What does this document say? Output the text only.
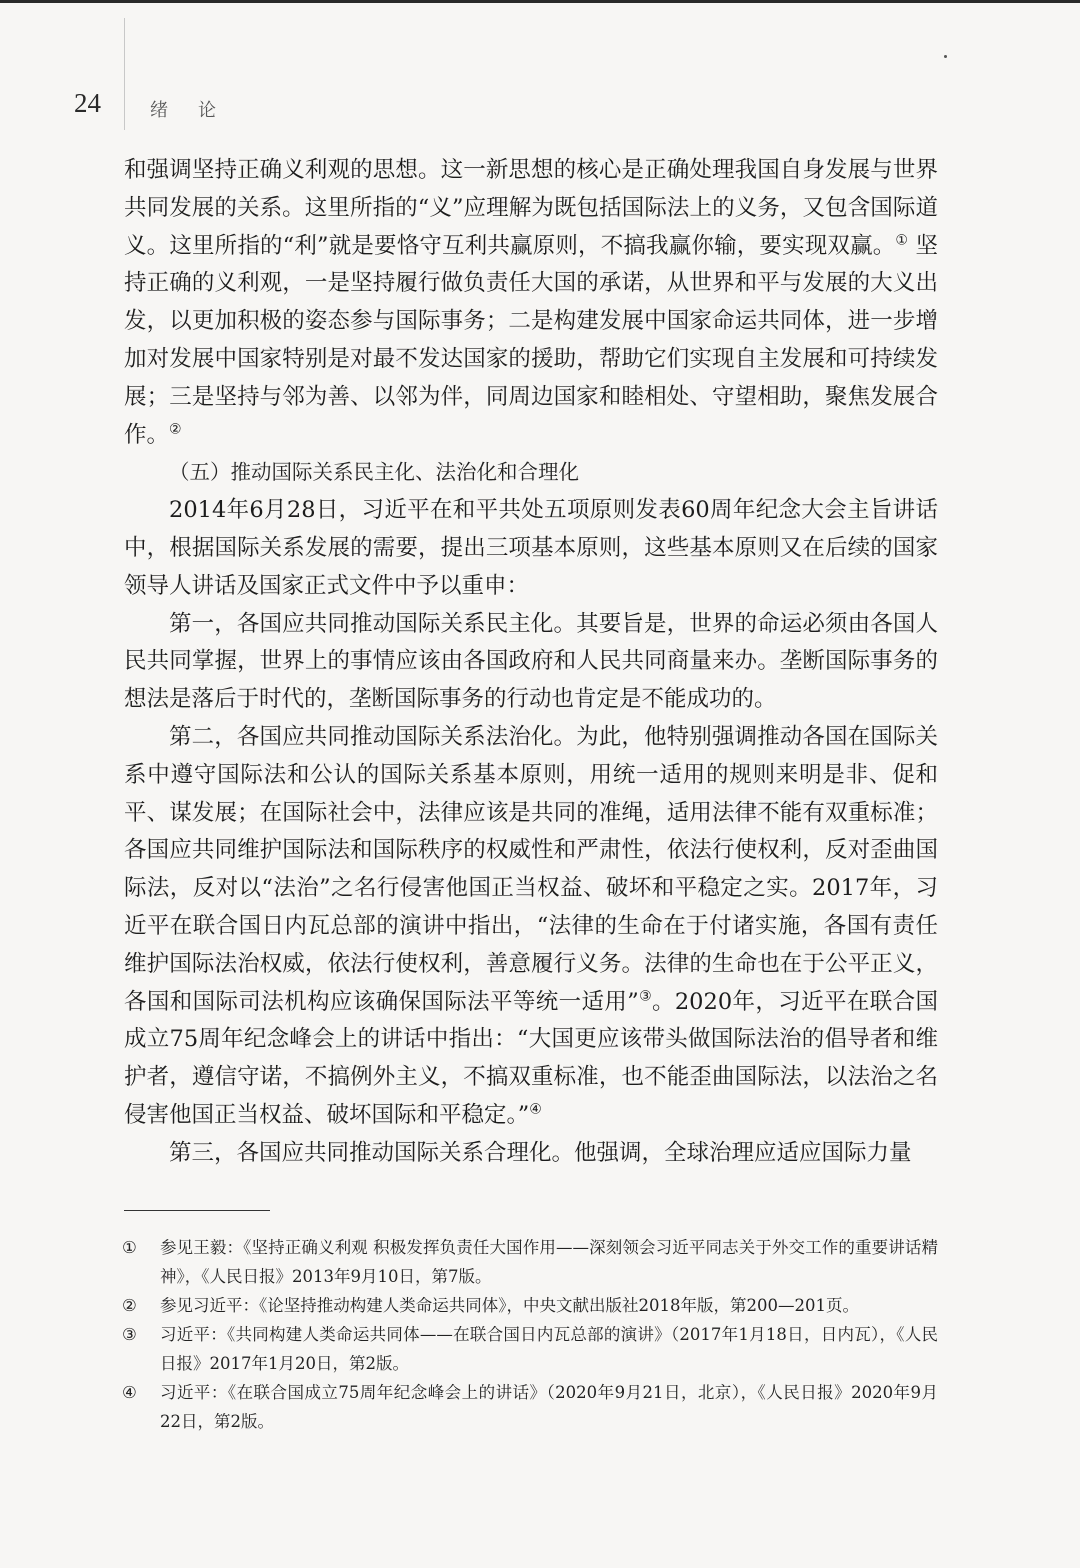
24	绪论

和强调坚持正确义利观的思想。这一新思想的核心是正确处理我国自身发展与世界共同发展的关系。这里所指的“义”应理解为既包括国际法上的义务，又包含国际道义。这里所指的“利”就是要恪守互利共赢原则，不搞我赢你输，要实现双赢。① 坚持正确的义利观，一是坚持履行做负责任大国的承诺，从世界和平与发展的大义出发，以更加积极的姿态参与国际事务；二是构建发展中国家命运共同体，进一步增加对发展中国家特别是对最不发达国家的援助，帮助它们实现自主发展和可持续发展；三是坚持与邻为善、以邻为伴，同周边国家和睦相处、守望相助，聚焦发展合作。②

（五）推动国际关系民主化、法治化和合理化

2014年6月28日，习近平在和平共处五项原则发表60周年纪念大会主旨讲话中，根据国际关系发展的需要，提出三项基本原则，这些基本原则又在后续的国家领导人讲话及国家正式文件中予以重申：

第一，各国应共同推动国际关系民主化。其要旨是，世界的命运必须由各国人民共同掌握，世界上的事情应该由各国政府和人民共同商量来办。垄断国际事务的想法是落后于时代的，垄断国际事务的行动也肯定是不能成功的。

第二，各国应共同推动国际关系法治化。为此，他特别强调推动各国在国际关系中遵守国际法和公认的国际关系基本原则，用统一适用的规则来明是非、促和平、谋发展；在国际社会中，法律应该是共同的准绳，适用法律不能有双重标准；各国应共同维护国际法和国际秩序的权威性和严肃性，依法行使权利，反对歪曲国际法，反对以“法治”之名行侵害他国正当权益、破坏和平稳定之实。2017年，习近平在联合国日内瓦总部的演讲中指出，“法律的生命在于付诸实施，各国有责任维护国际法治权威，依法行使权利，善意履行义务。法律的生命也在于公平正义，各国和国际司法机构应该确保国际法平等统一适用”③。2020年，习近平在联合国成立75周年纪念峰会上的讲话中指出：“大国更应该带头做国际法治的倡导者和维护者，遵信守诺，不搞例外主义，不搞双重标准，也不能歪曲国际法，以法治之名侵害他国正当权益、破坏国际和平稳定。”④

第三，各国应共同推动国际关系合理化。他强调，全球治理应适应国际力量

①	参见王毅：《坚持正确义利观 积极发挥负责任大国作用——深刻领会习近平同志关于外交工作的重要讲话精神》，《人民日报》2013年9月10日，第7版。
②	参见习近平：《论坚持推动构建人类命运共同体》，中央文献出版社2018年版，第200—201页。
③	习近平：《共同构建人类命运共同体——在联合国日内瓦总部的演讲》（2017年1月18日，日内瓦），《人民日报》2017年1月20日，第2版。
④	习近平：《在联合国成立75周年纪念峰会上的讲话》（2020年9月21日，北京），《人民日报》2020年9月22日，第2版。
